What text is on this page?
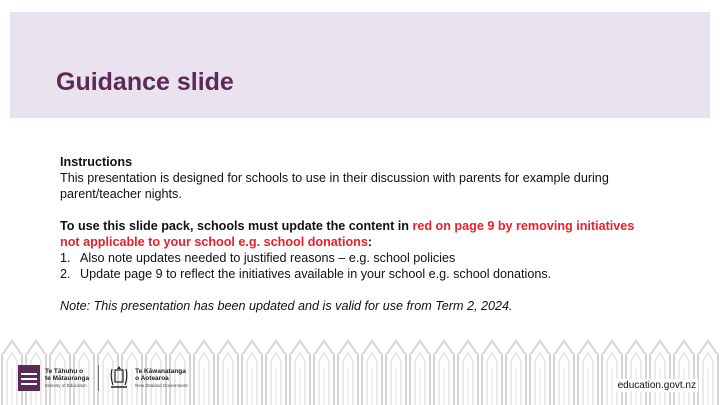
Guidance slide

Instructions

This presentation is designed for schools to use in their discussion with parents for example during parent/teacher nights.

To use this slide pack, schools must update the content in red on page 9 by removing initiatives not applicable to your school e.g. school donations:

1. Also note updates needed to justified reasons – e.g. school policies
2. Update page 9 to reflect the initiatives available in your school e.g. school donations.

Note: This presentation has been updated and is valid for use from Term 2, 2024.

Te Tāhuhu o
te Mātauranga
Ministry of Education
Te Kāwanatanga
o Aotearoa
New Zealand Government	education.govt.nz
